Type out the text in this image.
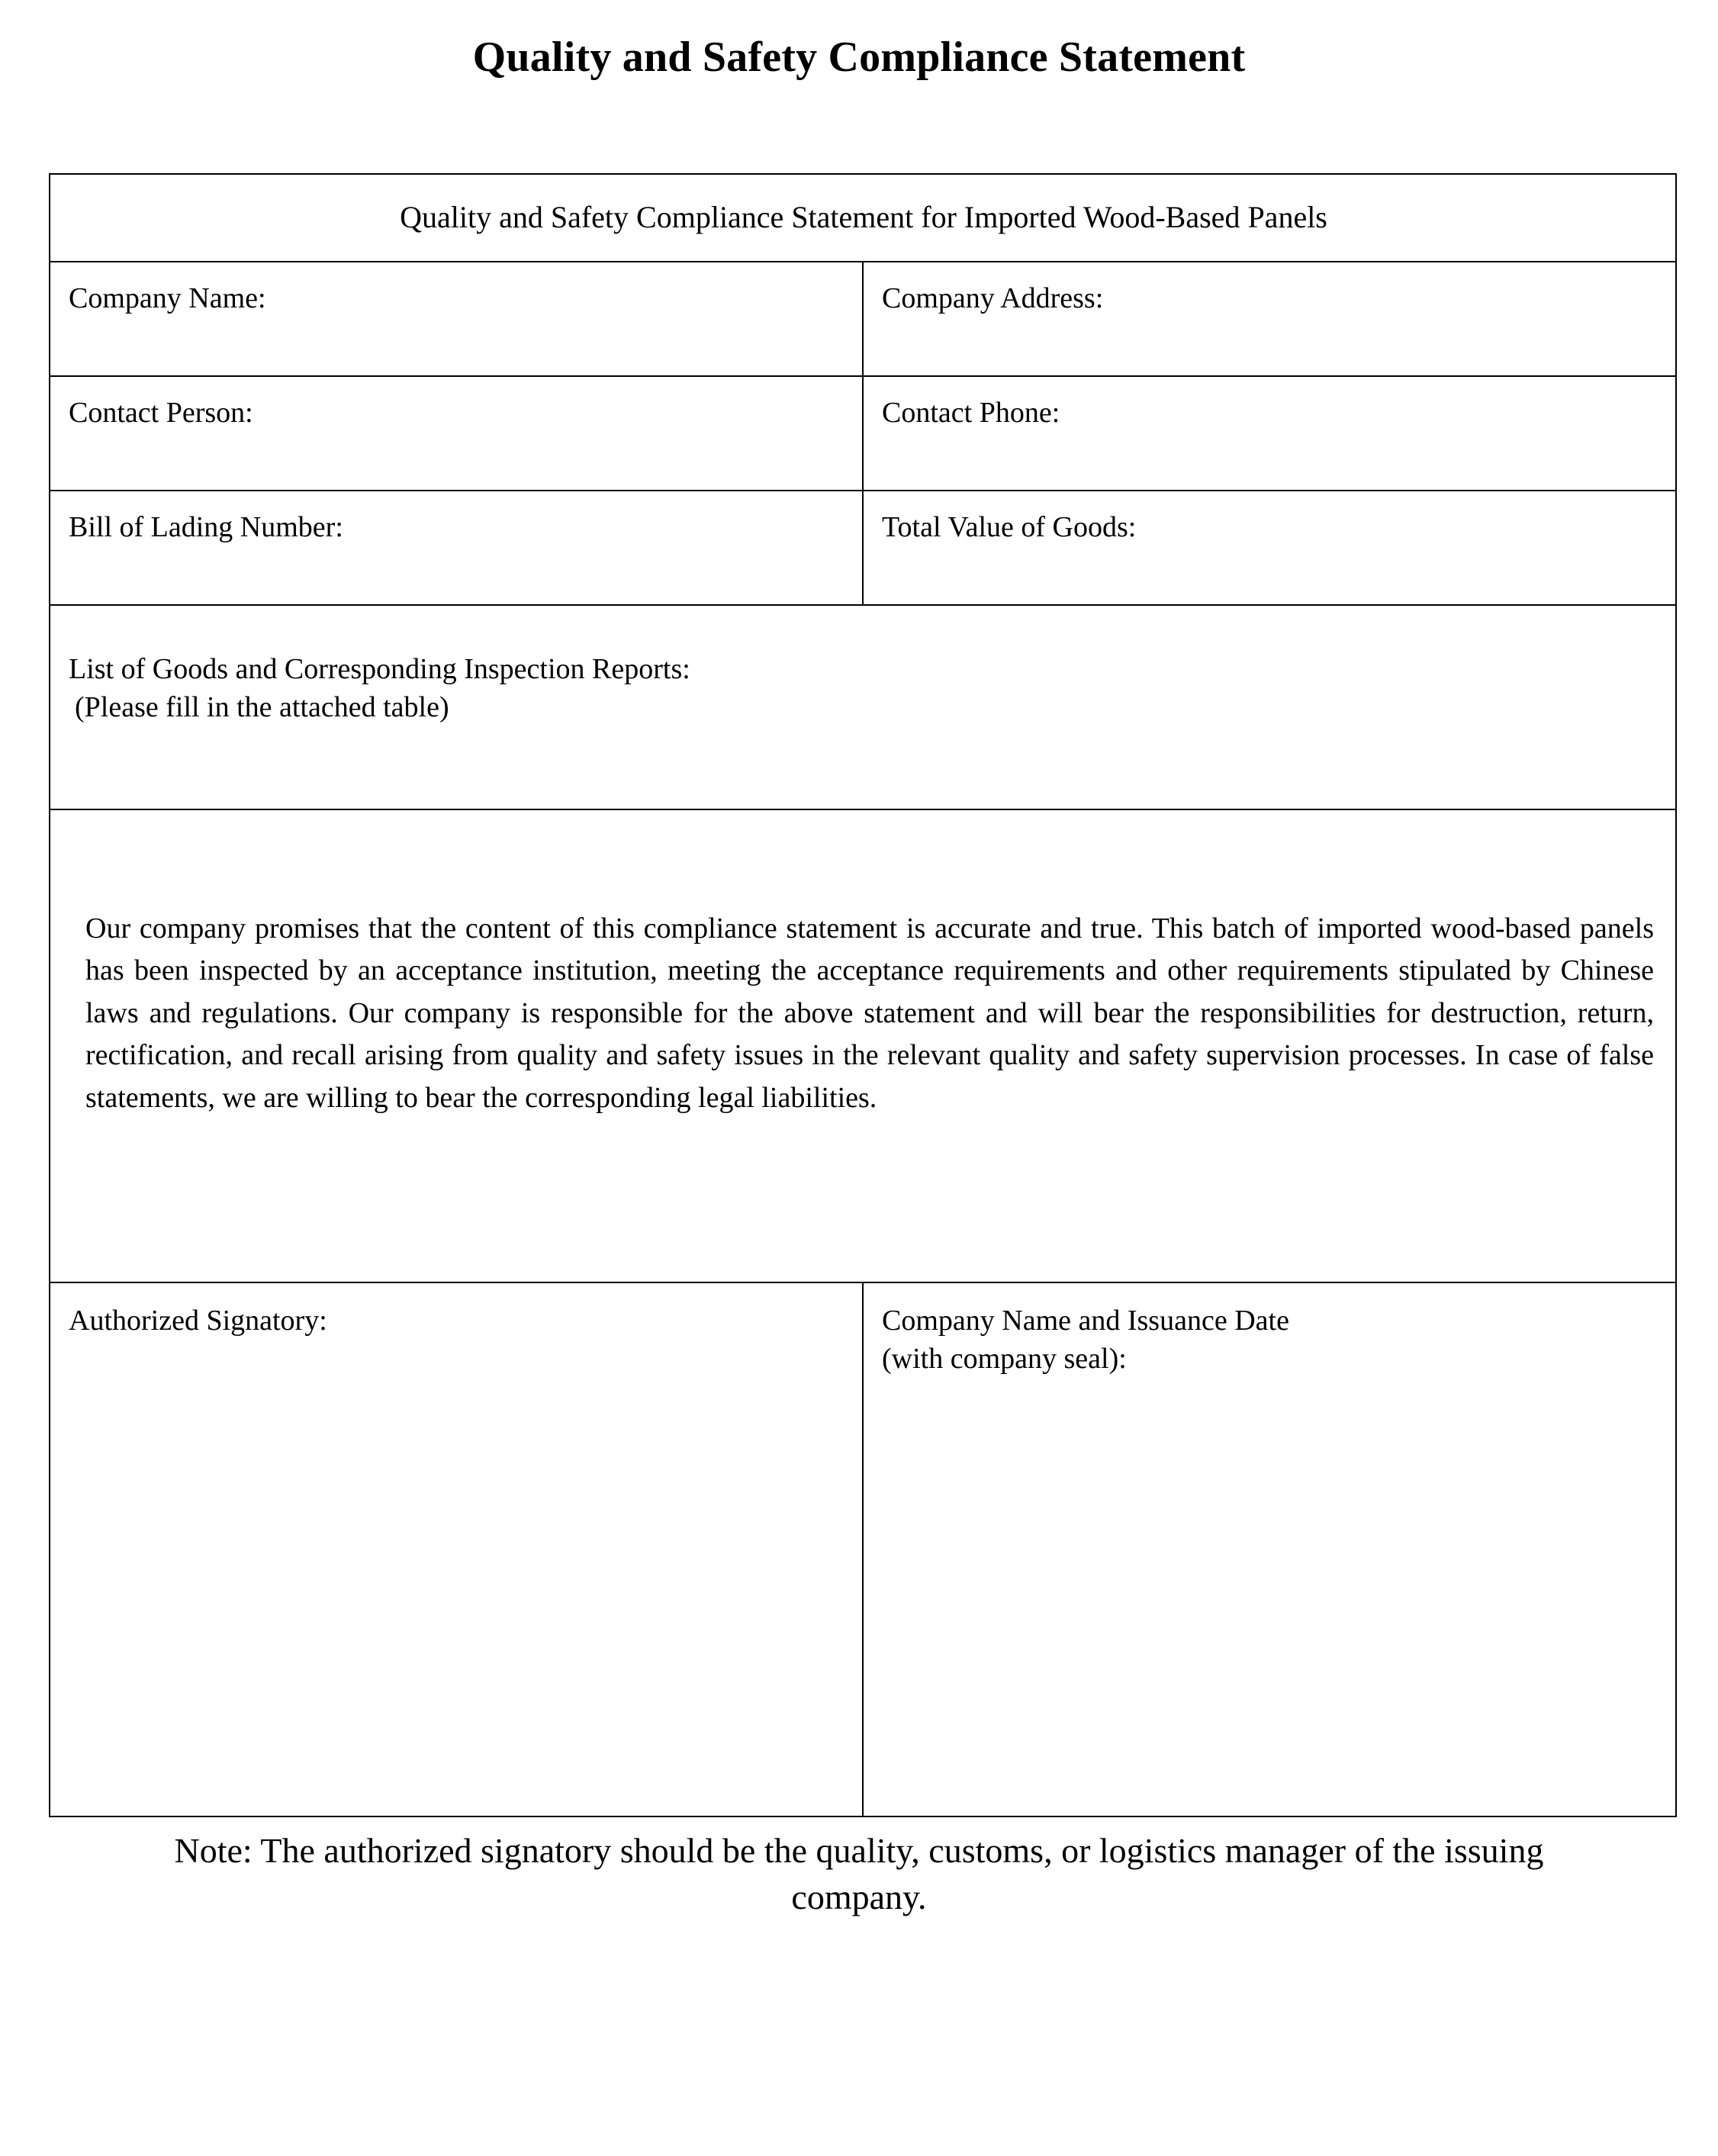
Quality and Safety Compliance Statement
Quality and Safety Compliance Statement for Imported Wood-Based Panels	
Company Name:	Company Address:
Contact Person:	Contact Phone:
Bill of Lading Number:	Total Value of Goods:
List of Goods and Corresponding Inspection Reports:
(Please fill in the attached table)	

Our company promises that the content of this compliance statement is accurate and true. This batch of imported wood-based panels has been inspected by an acceptance institution, meeting the acceptance requirements and other requirements stipulated by Chinese laws and regulations. Our company is responsible for the above statement and will bear the responsibilities for destruction, return, rectification, and recall arising from quality and safety issues in the relevant quality and safety supervision processes. In case of false statements, we are willing to bear the corresponding legal liabilities.	

Authorized Signatory:	Company Name and Issuance Date
(with company seal):
Note: The authorized signatory should be the quality, customs, or logistics manager of the issuing company.
